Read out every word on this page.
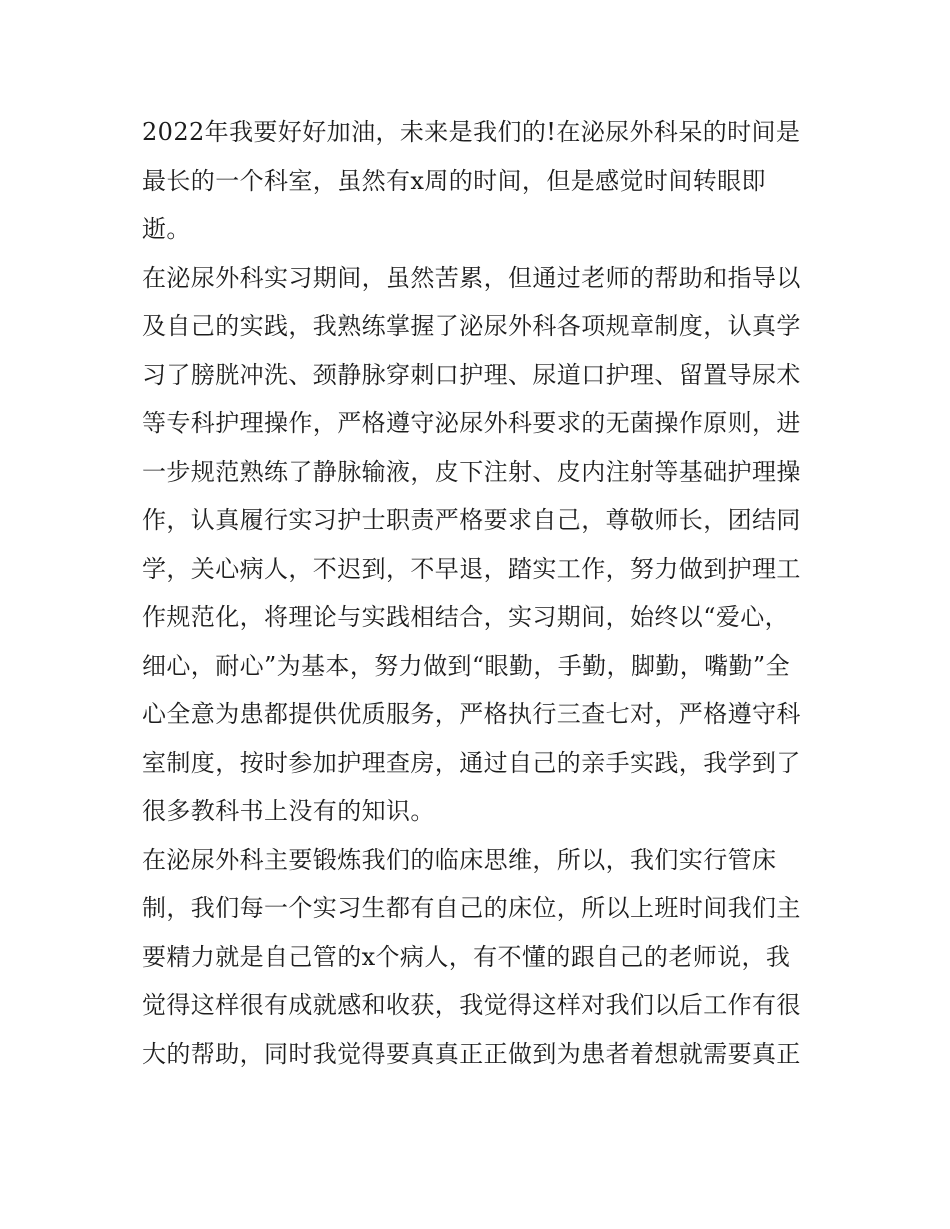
2022年我要好好加油，未来是我们的!在泌尿外科呆的时间是
最长的一个科室，虽然有x周的时间，但是感觉时间转眼即
逝。
在泌尿外科实习期间，虽然苦累，但通过老师的帮助和指导以
及自己的实践，我熟练掌握了泌尿外科各项规章制度，认真学
习了膀胱冲洗、颈静脉穿刺口护理、尿道口护理、留置导尿术
等专科护理操作，严格遵守泌尿外科要求的无菌操作原则，进
一步规范熟练了静脉输液，皮下注射、皮内注射等基础护理操
作，认真履行实习护士职责严格要求自己，尊敬师长，团结同
学，关心病人，不迟到，不早退，踏实工作，努力做到护理工
作规范化，将理论与实践相结合，实习期间，始终以“爱心，
细心，耐心”为基本，努力做到“眼勤，手勤，脚勤，嘴勤”全
心全意为患都提供优质服务，严格执行三查七对，严格遵守科
室制度，按时参加护理查房，通过自己的亲手实践，我学到了
很多教科书上没有的知识。
在泌尿外科主要锻炼我们的临床思维，所以，我们实行管床
制，我们每一个实习生都有自己的床位，所以上班时间我们主
要精力就是自己管的x个病人，有不懂的跟自己的老师说，我
觉得这样很有成就感和收获，我觉得这样对我们以后工作有很
大的帮助，同时我觉得要真真正正做到为患者着想就需要真正
